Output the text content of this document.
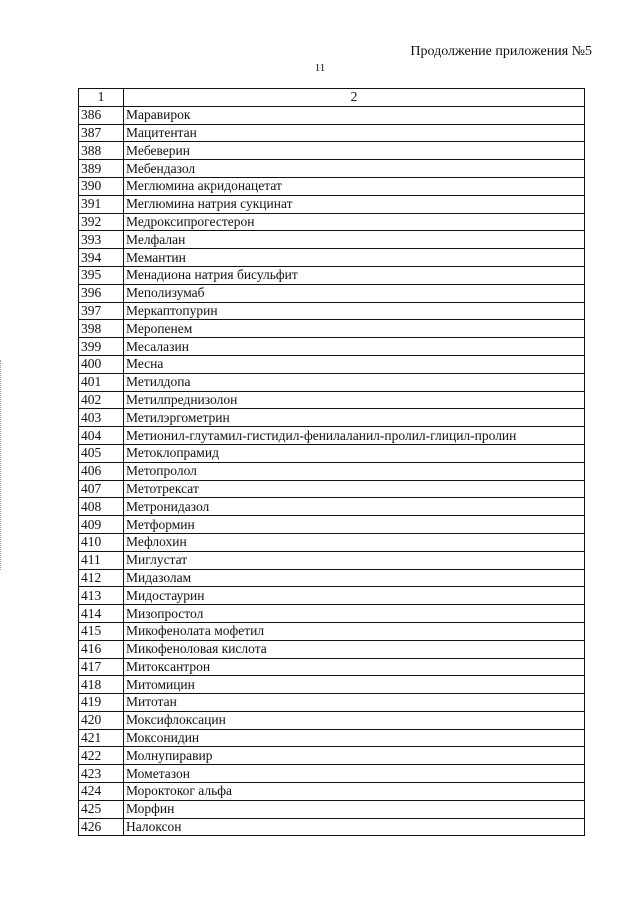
Продолжение приложения №5
11
1	2
386	Маравирок
387	Мацитентан
388	Мебеверин
389	Мебендазол
390	Меглюмина акридонацетат
391	Меглюмина натрия сукцинат
392	Медроксипрогестерон
393	Мелфалан
394	Мемантин
395	Менадиона натрия бисульфит
396	Меполизумаб
397	Меркаптопурин
398	Меропенем
399	Месалазин
400	Месна
401	Метилдопа
402	Метилпреднизолон
403	Метилэргометрин
404	Метионил-глутамил-гистидил-фенилаланил-пролил-глицил-пролин
405	Метоклопрамид
406	Метопролол
407	Метотрексат
408	Метронидазол
409	Метформин
410	Мефлохин
411	Миглустат
412	Мидазолам
413	Мидостаурин
414	Мизопростол
415	Микофенолата мофетил
416	Микофеноловая кислота
417	Митоксантрон
418	Митомицин
419	Митотан
420	Моксифлоксацин
421	Моксонидин
422	Молнупиравир
423	Мометазон
424	Мороктоког альфа
425	Морфин
426	Налоксон
